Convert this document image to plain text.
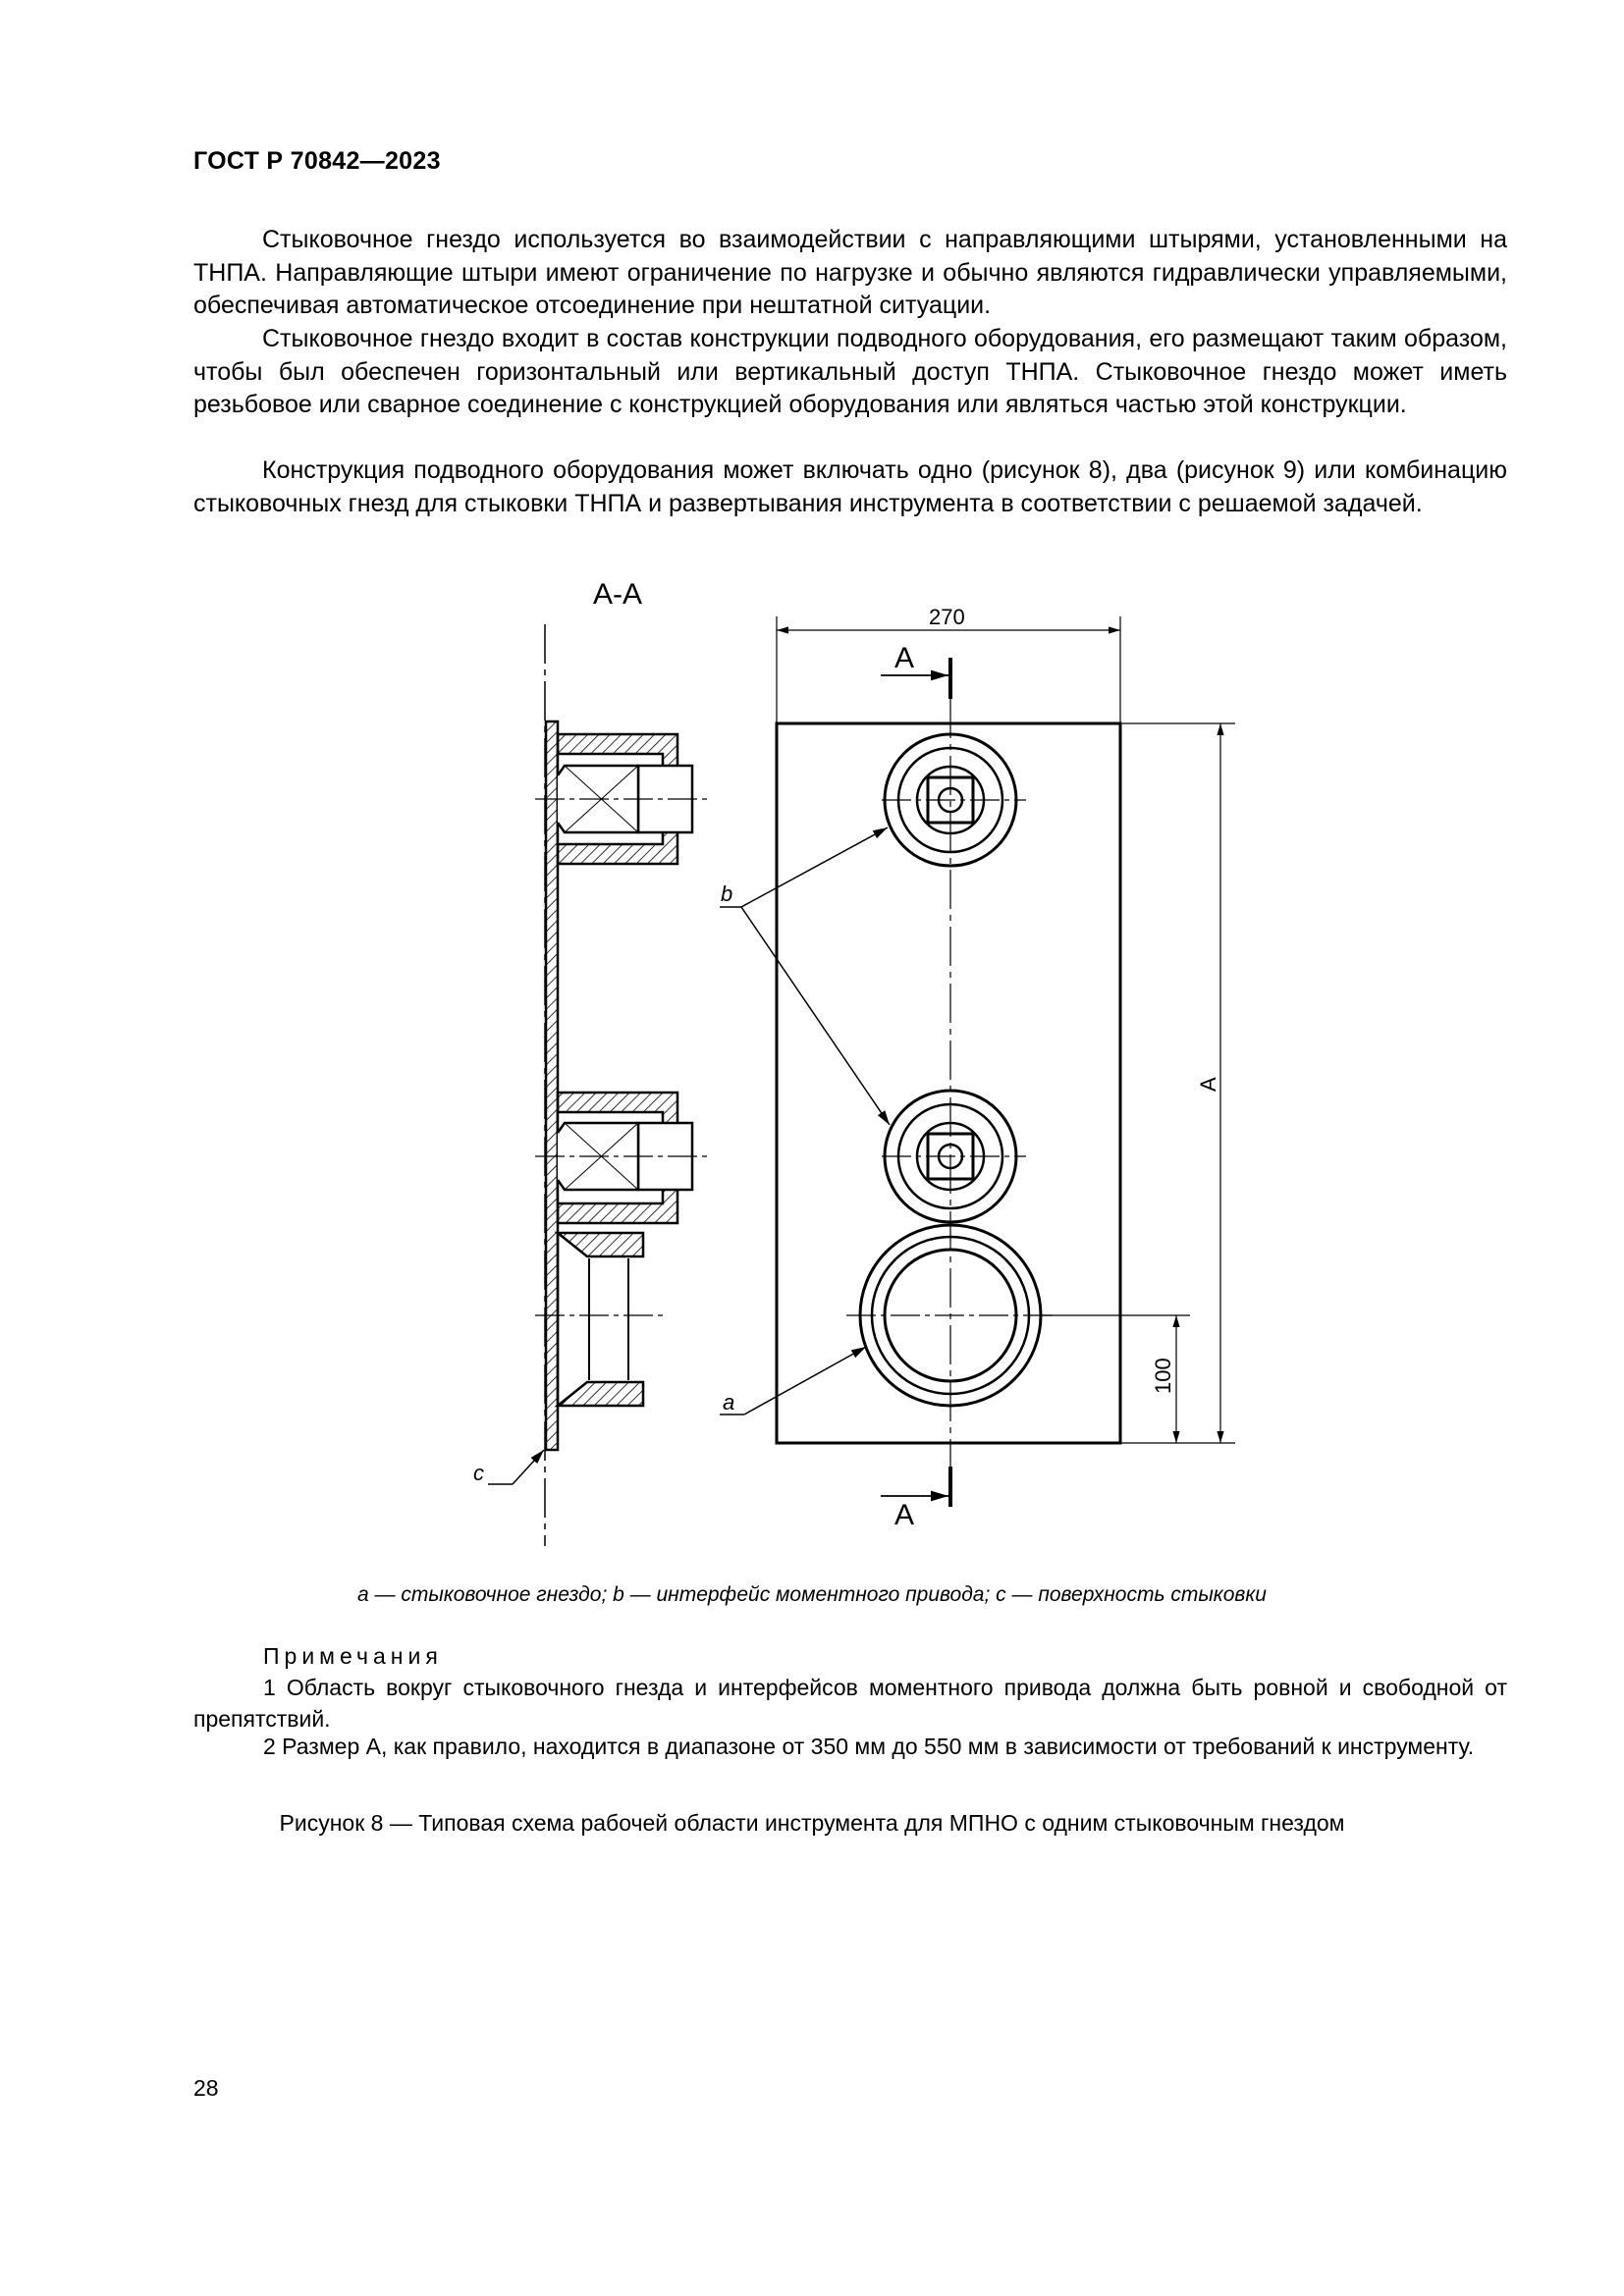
ГОСТ Р 70842—2023

Стыковочное гнездо используется во взаимодействии с направляющими штырями, установленными на ТНПА. Направляющие штыри имеют ограничение по нагрузке и обычно являются гидравлически управляемыми, обеспечивая автоматическое отсоединение при нештатной ситуации.

Стыковочное гнездо входит в состав конструкции подводного оборудования, его размещают таким образом, чтобы был обеспечен горизонтальный или вертикальный доступ ТНПА. Стыковочное гнездо может иметь резьбовое или сварное соединение с конструкцией оборудования или являться частью этой конструкции.

Конструкция подводного оборудования может включать одно (рисунок 8), два (рисунок 9) или комбинацию стыковочных гнезд для стыковки ТНПА и развертывания инструмента в соответствии с решаемой задачей.

А-А
c
270
А
А
b
a
А
100
a — стыковочное гнездо; b — интерфейс моментного привода; c — поверхность стыковки
Примечания

1 Область вокруг стыковочного гнезда и интерфейсов моментного привода должна быть ровной и свободной от препятствий.

2 Размер А, как правило, находится в диапазоне от 350 мм до 550 мм в зависимости от требований к инструменту.

Рисунок 8 — Типовая схема рабочей области инструмента для МПНО с одним стыковочным гнездом
28
